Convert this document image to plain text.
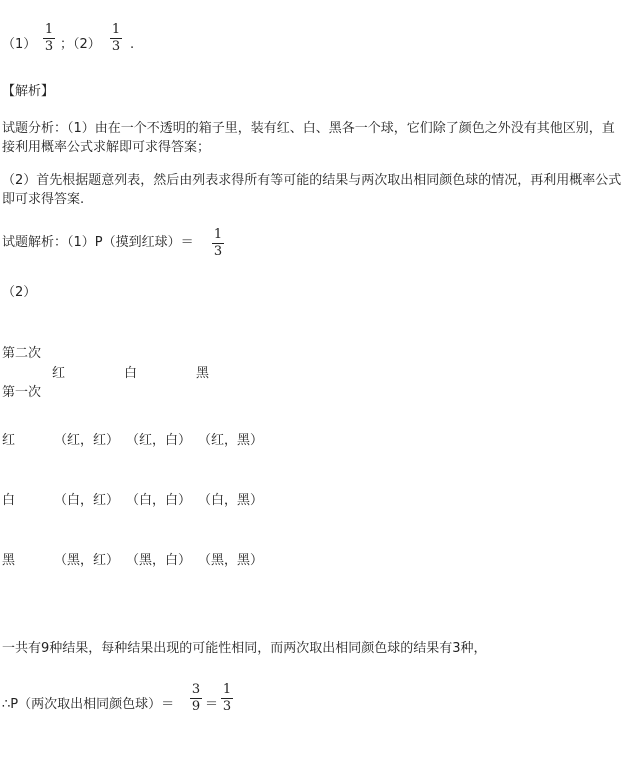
（1）
1
3 ；（2）
1
3 .
【解析】
试题分析：（1）由在一个不透明的箱子里，装有红、白、黑各一个球，它们除了颜色之外没有其他区别，直接利用概率公式求解即可求得答案；
（2）首先根据题意列表，然后由列表求得所有等可能的结果与两次取出相同颜色球的情况，再利用概率公式即可求得答案.
试题解析：（1）P（摸到红球）＝
1
3
（2）
第二次
红	白	黑
第一次
红	（红，红） （红，白） （红，黑）
白	（白，红） （白，白） （白，黑）
黑	（黑，红） （黑，白） （黑，黑）
一共有9种结果，每种结果出现的可能性相同，而两次取出相同颜色球的结果有3种，
∴P（两次取出相同颜色球）＝
3
9 ＝
1
3
